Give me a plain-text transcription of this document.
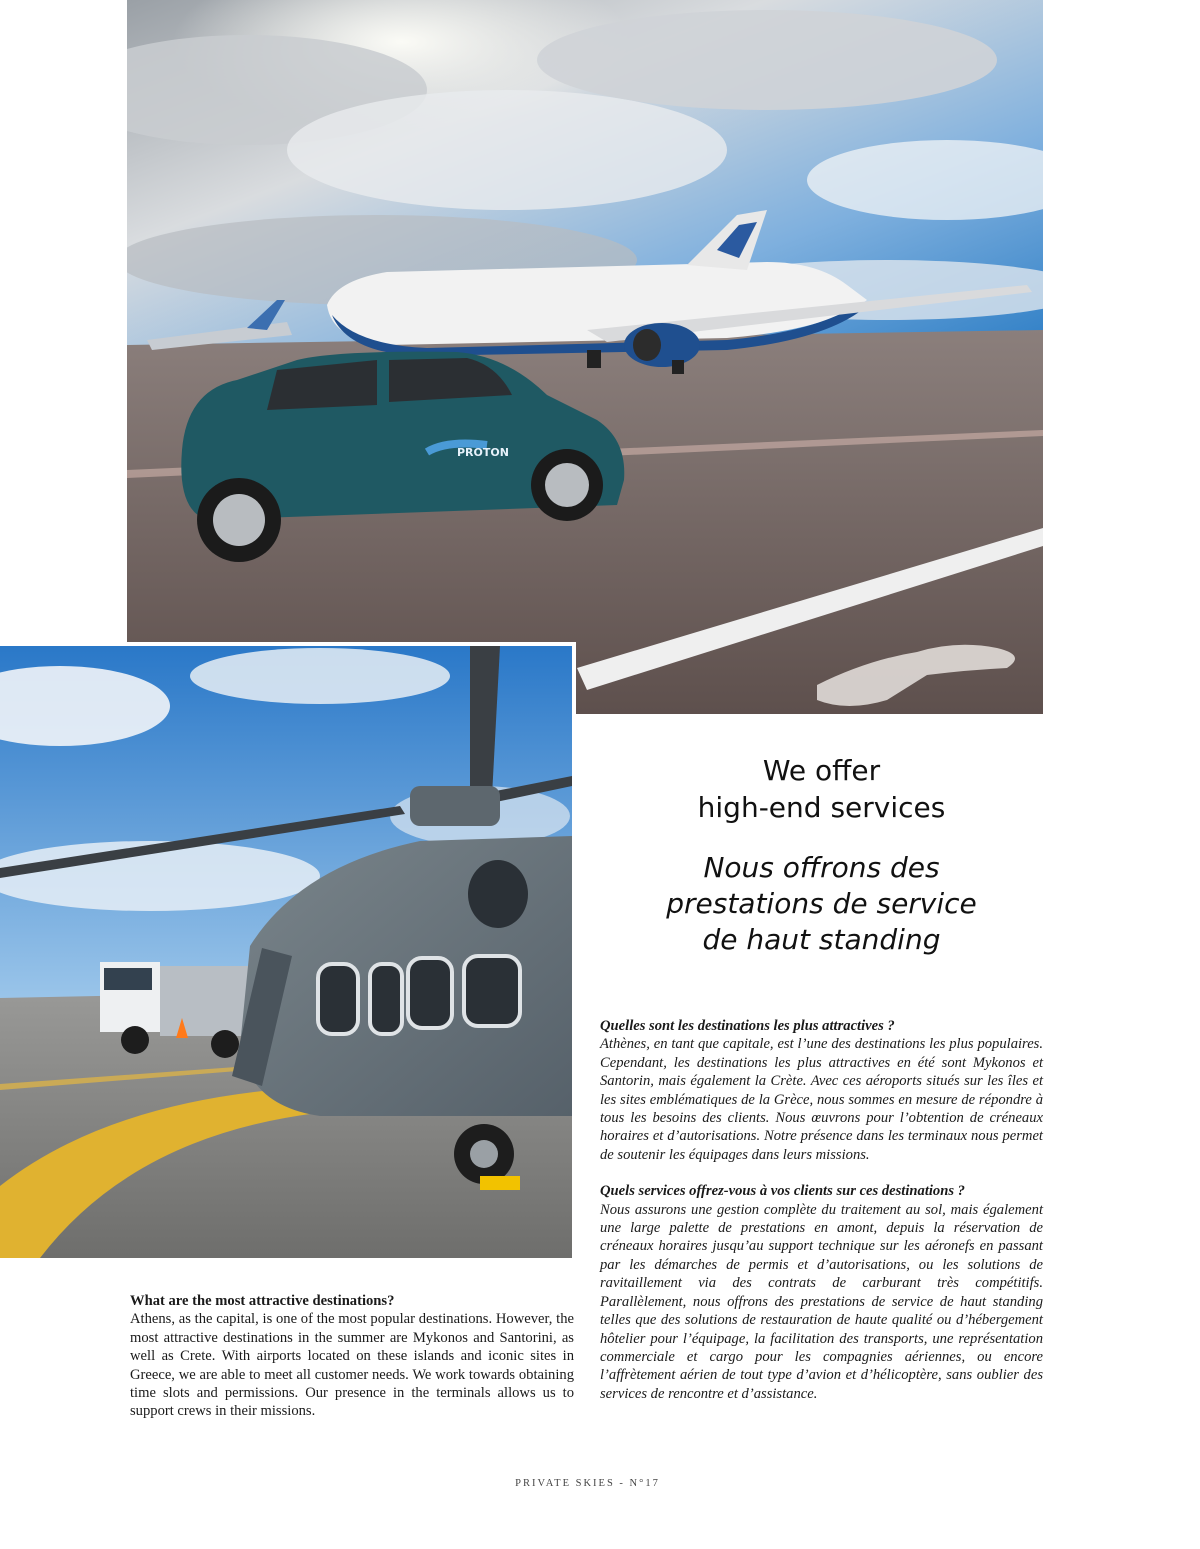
PROTON
We offer
high-end services
Nous offrons des
prestations de service
de haut standing
Quelles sont les destinations les plus attractives ?

Athènes, en tant que capitale, est l’une des destinations les plus populaires. Cependant, les destinations les plus attractives en été sont Mykonos et Santorin, mais également la Crète. Avec ces aéroports situés sur les îles et les sites emblématiques de la Grèce, nous sommes en mesure de répondre à tous les besoins des clients. Nous œuvrons pour l’obtention de créneaux horaires et d’autorisations. Notre présence dans les terminaux nous permet de soutenir les équipages dans leurs missions.

Quels services offrez-vous à vos clients sur ces destinations ?

Nous assurons une gestion complète du traitement au sol, mais également une large palette de prestations en amont, depuis la réservation de créneaux horaires jusqu’au support technique sur les aéronefs en passant par les démarches de permis et d’autorisations, ou les solutions de ravitaillement via des contrats de carburant très compétitifs. Parallèlement, nous offrons des prestations de service de haut standing telles que des solutions de restauration de haute qualité ou d’hébergement hôtelier pour l’équipage, la facilitation des transports, une représentation commerciale et cargo pour les compagnies aériennes, ou encore l’affrètement aérien de tout type d’avion et d’hélicoptère, sans oublier des services de rencontre et d’assistance.

What are the most attractive destinations?

Athens, as the capital, is one of the most popular destinations. However, the most attractive destinations in the summer are Mykonos and Santorini, as well as Crete. With airports located on these islands and iconic sites in Greece, we are able to meet all customer needs. We work towards obtaining time slots and permissions. Our presence in the terminals allows us to support crews in their missions.

PRIVATE SKIES - N°17
